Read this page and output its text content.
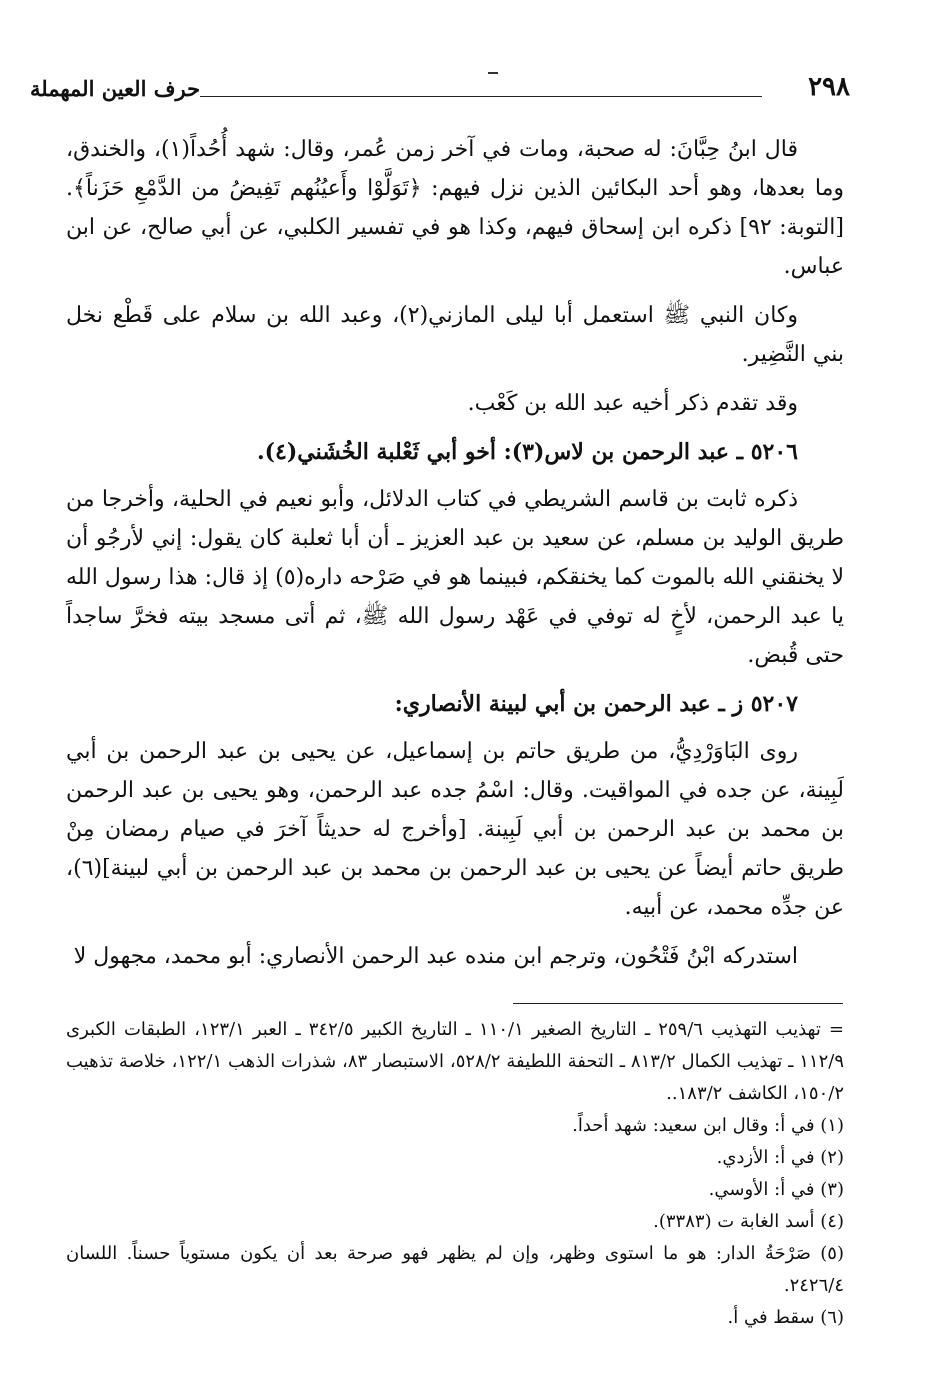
٢٩٨
حرف العين المهملة

قال ابنُ حِبَّانَ: له صحبة، ومات في آخر زمن عُمر، وقال: شهد أُحُداً(١)، والخندق، وما بعدها، وهو أحد البكائين الذين نزل فيهم: ﴿تَوَلَّوْا وأَعيُنُهم تَفِيضُ من الدَّمْعِ حَزَناً﴾. [التوبة: ٩٢] ذكره ابن إسحاق فيهم، وكذا هو في تفسير الكلبي، عن أبي صالح، عن ابن عباس.

وكان النبي ﷺ استعمل أبا ليلى المازني(٢)، وعبد الله بن سلام على قَطْع نخل بني النَّضِير.

وقد تقدم ذكر أخيه عبد الله بن كَعْب.

٥٢٠٦ ـ عبد الرحمن بن لاس(٣): أخو أبي ثَعْلبة الخُشَني(٤).

ذكره ثابت بن قاسم الشريطي في كتاب الدلائل، وأبو نعيم في الحلية، وأخرجا من طريق الوليد بن مسلم، عن سعيد بن عبد العزيز ـ أن أبا ثعلبة كان يقول: إني لأرجُو أن لا يخنقني الله بالموت كما يخنقكم، فبينما هو في صَرْحه داره(٥) إذ قال: هذا رسول الله يا عبد الرحمن، لأخٍ له توفي في عَهْد رسول الله ﷺ، ثم أتى مسجد بيته فخرَّ ساجداً حتى قُبض.

٥٢٠٧ ز ـ عبد الرحمن بن أبي لبينة الأنصاري:

روى البَاوَرْدِيُّ، من طريق حاتم بن إسماعيل، عن يحيى بن عبد الرحمن بن أبي لَبِينة، عن جده في المواقيت. وقال: اسْمُ جده عبد الرحمن، وهو يحيى بن عبد الرحمن بن محمد بن عبد الرحمن بن أبي لَبِينة. [وأخرج له حديثاً آخرَ في صيام رمضان مِنْ طريق حاتم أيضاً عن يحيى بن عبد الرحمن بن محمد بن عبد الرحمن بن أبي لبينة](٦)، عن جدِّه محمد، عن أبيه.

استدركه ابْنُ فَتْحُون، وترجم ابن منده عبد الرحمن الأنصاري: أبو محمد، مجهول لا

= تهذيب التهذيب ٢٥٩/٦ ـ التاريخ الصغير ١١٠/١ ـ التاريخ الكبير ٣٤٢/٥ ـ العبر ١٢٣/١، الطبقات الكبرى ١١٢/٩ ـ تهذيب الكمال ٨١٣/٢ ـ التحفة اللطيفة ٥٢٨/٢، الاستبصار ٨٣، شذرات الذهب ١٢٢/١، خلاصة تذهيب ١٥٠/٢، الكاشف ١٨٣/٢..

(١) في أ: وقال ابن سعيد: شهد أحداً.

(٢) في أ: الأزدي.

(٣) في أ: الأوسي.

(٤) أسد الغابة ت (٣٣٨٣).

(٥) صَرْحَةُ الدار: هو ما استوى وظهر، وإن لم يظهر فهو صرحة بعد أن يكون مستوياً حسناً. اللسان ٢٤٢٦/٤.

(٦) سقط في أ.
